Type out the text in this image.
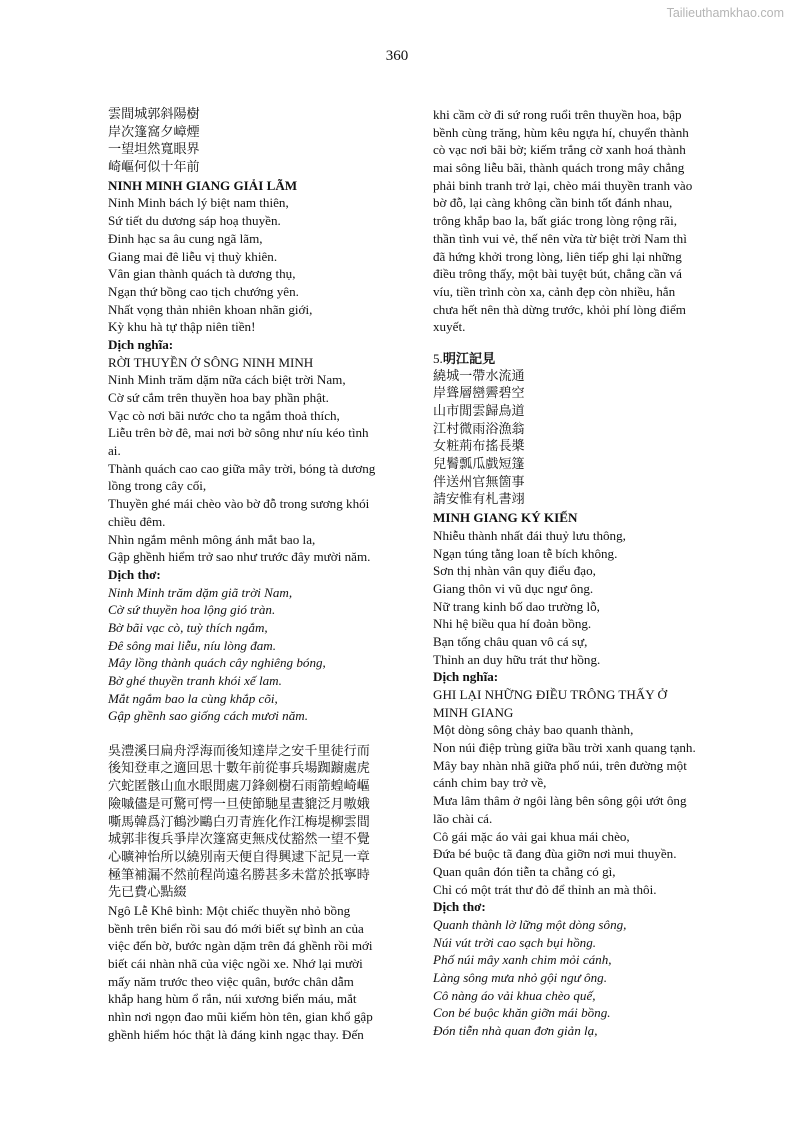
Tailieuthamkhao.com
360
雲間城郭斜陽樹
岸次篷窩夕嶂煙
一望坦然寬眼界
崎嶇何似十年前
NINH MINH GIANG GIẢI LÃM
Ninh Minh bách lý biệt nam thiên,
Sứ tiết du dương sáp hoạ thuyền.
Đinh hạc sa âu cung ngã lãm,
Giang mai đê liễu vị thuỳ khiên.
Vân gian thành quách tà dương thụ,
Ngạn thứ bồng cao tịch chướng yên.
Nhất vọng thản nhiên khoan nhãn giới,
Kỳ khu hà tự thập niên tiền!
Dịch nghĩa:
RỜI THUYỀN Ở SÔNG NINH MINH
Ninh Minh trăm dặm nữa cách biệt trời Nam,
Cờ sứ cắm trên thuyền hoa bay phần phật.
Vạc cò nơi bãi nước cho ta ngắm thoả thích,
Liễu trên bờ đê, mai nơi bờ sông như níu kéo tình
ai.
Thành quách cao cao giữa mây trời, bóng tà dương
lồng trong cây cối,
Thuyền ghé mái chèo vào bờ đỗ trong sương khói
chiều đêm.
Nhìn ngắm mênh mông ánh mắt bao la,
Gập ghềnh hiểm trở sao như trước đây mười năm.
Dịch thơ:
Ninh Minh trăm dặm giã trời Nam,
Cờ sứ thuyền hoa lộng gió tràn.
Bờ bãi vạc cò, tuỳ thích ngắm,
Đê sông mai liễu, níu lòng đam.
Mây lồng thành quách cây nghiêng bóng,
Bờ ghé thuyền tranh khói xế lam.
Mắt ngắm bao la cùng khắp cõi,
Gập ghềnh sao giống cách mươi năm.
吳澧溪曰扁舟浮海而後知達岸之安千里徒行而
後知登車之適回思十數年前從事兵場踟躕處虎
穴蛇匿骸山血水眼閒處刀鋒劍樹石雨箭蝗崎嶇
險嘁儘是可驚可愕一旦使節馳星晝貔泛月嗷娥
嘶馬韓爲汀鶴沙鷗白刃青旌化作江梅堤柳雲間
城郭非復兵爭岸次篷窩吏無戍仗豁然一望不覺
心曠神怡所以繞別南天便自得興逮下記見一章
極筆補漏不然前程尚遠名勝甚多未當於扺寧時
先已費心點綴
Ngô Lễ Khê bình: Một chiếc thuyền nhỏ bồng
bềnh trên biển rồi sau đó mới biết sự bình an của
việc đến bờ, bước ngàn dặm trên đá ghềnh rồi mới
biết cái nhàn nhã của việc ngồi xe. Nhớ lại mười
mấy năm trước theo việc quân, bước chân dẫm
khắp hang hùm ổ rắn, núi xương biển máu, mắt
nhìn nơi ngọn đao mũi kiếm hòn tên, gian khổ gập
ghềnh hiểm hóc thật là đáng kinh ngạc thay. Đến
khi cầm cờ đi sứ rong ruổi trên thuyền hoa, bập
bềnh cùng trăng, hùm kêu ngựa hí, chuyển thành
cò vạc nơi bãi bờ; kiếm trắng cờ xanh hoá thành
mai sông liễu bãi, thành quách trong mây chẳng
phải binh tranh trở lại, chèo mái thuyền tranh vào
bờ đỗ, lại càng không cần binh tốt đánh nhau,
trông khắp bao la, bất giác trong lòng rộng rãi,
thần tình vui vẻ, thế nên vừa từ biệt trời Nam thì
đã hứng khởi trong lòng, liên tiếp ghi lại những
điều trông thấy, một bài tuyệt bút, chẳng cần vá
víu, tiền trình còn xa, cảnh đẹp còn nhiều, hẳn
chưa hết nên thà dừng trước, khỏi phí lòng điểm
xuyết.
5.明江記見
繞城一帶水流通
岸聳層巒霽碧空
山市閒雲歸鳥道
江村微雨浴漁翁
女粧荊布搖長槳
兒鬌瓢瓜戲短篷
伴送州官無箇事
請安惟有札書翊
MINH GIANG KÝ KIẾN
Nhiễu thành nhất đái thuỷ lưu thông,
Ngạn túng tằng loan tễ bích không.
Sơn thị nhàn vân quy điểu đạo,
Giang thôn vi vũ dục ngư ông.
Nữ trang kinh bố dao trường lỗ,
Nhi hệ biều qua hí đoản bồng.
Bạn tống châu quan vô cá sự,
Thỉnh an duy hữu trát thư hồng.
Dịch nghĩa:
GHI LẠI NHỮNG ĐIỀU TRÔNG THẤY Ở
MINH GIANG
Một dòng sông chảy bao quanh thành,
Non núi điệp trùng giữa bầu trời xanh quang tạnh.
Mây bay nhàn nhã giữa phố núi, trên đường một
cánh chim bay trở về,
Mưa lâm thâm ở ngôi làng bên sông gội ướt ông
lão chài cá.
Cô gái mặc áo vải gai khua mái chèo,
Đứa bé buộc tã đang đùa giỡn nơi mui thuyền.
Quan quân đón tiễn ta chẳng có gì,
Chỉ có một trát thư đỏ để thỉnh an mà thôi.
Dịch thơ:
Quanh thành lờ lững một dòng sông,
Núi vút trời cao sạch bụi hồng.
Phố núi mây xanh chim mỏi cánh,
Làng sông mưa nhỏ gội ngư ông.
Cô nàng áo vải khua chèo quế,
Con bé buộc khăn giỡn mái bồng.
Đón tiễn nhà quan đơn giản lạ,
